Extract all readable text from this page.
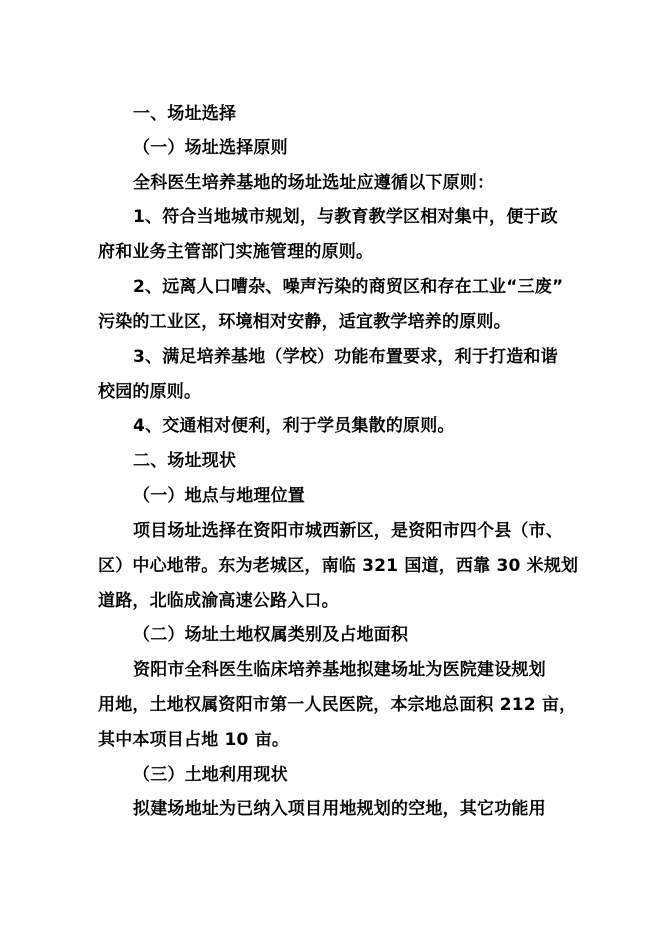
一、场址选择
（一）场址选择原则
全科医生培养基地的场址选址应遵循以下原则：
1、符合当地城市规划，与教育教学区相对集中，便于政
府和业务主管部门实施管理的原则。
2、远离人口嘈杂、噪声污染的商贸区和存在工业“三废”
污染的工业区，环境相对安静，适宜教学培养的原则。
3、满足培养基地（学校）功能布置要求，利于打造和谐
校园的原则。
4、交通相对便利，利于学员集散的原则。
二、场址现状
（一）地点与地理位置
项目场址选择在资阳市城西新区，是资阳市四个县（市、
区）中心地带。东为老城区，南临 321 国道，西靠 30 米规划
道路，北临成渝高速公路入口。
（二）场址土地权属类别及占地面积
资阳市全科医生临床培养基地拟建场址为医院建设规划
用地，土地权属资阳市第一人民医院，本宗地总面积 212 亩，
其中本项目占地 10 亩。
（三）土地利用现状
拟建场地址为已纳入项目用地规划的空地，其它功能用
